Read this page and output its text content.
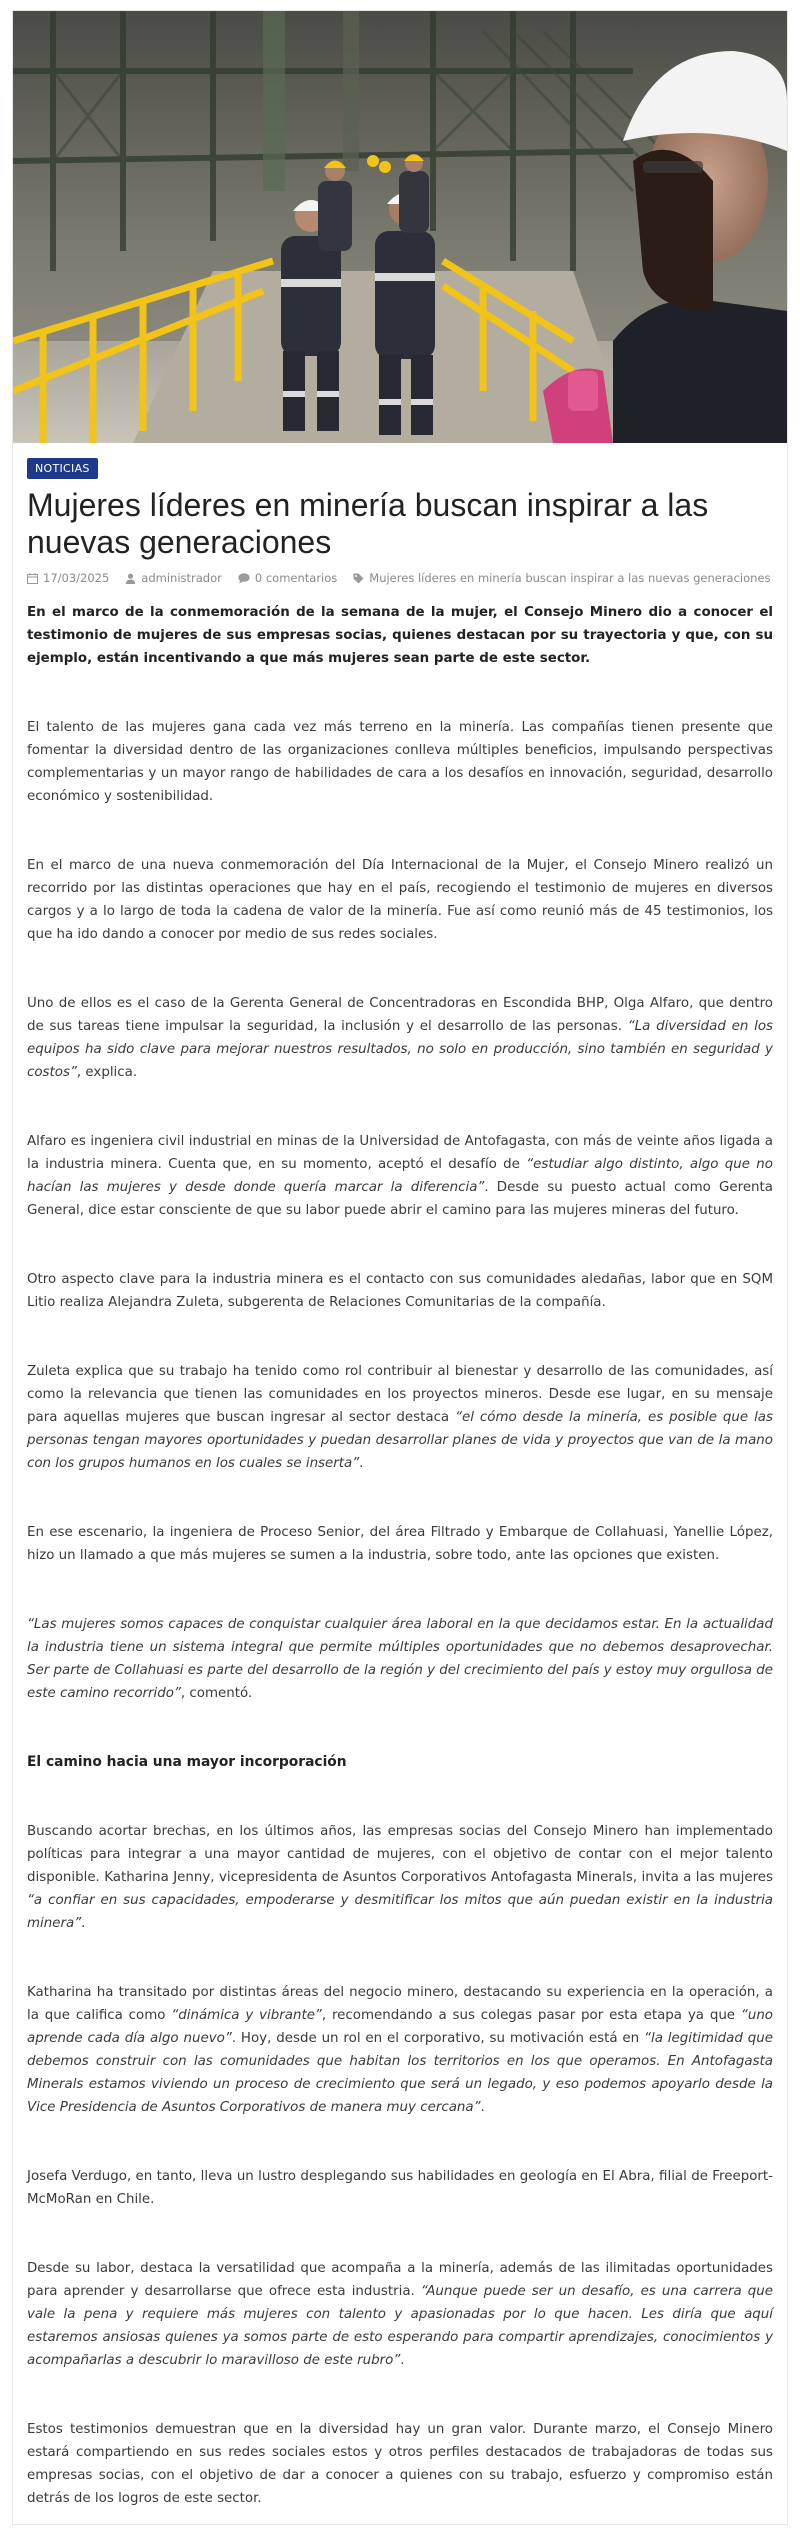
NOTICIAS
Mujeres líderes en minería buscan inspirar a las nuevas generaciones
17/03/2025	administrador	0 comentarios	Mujeres líderes en minería buscan inspirar a las nuevas generaciones

En el marco de la conmemoración de la semana de la mujer, el Consejo Minero dio a conocer el testimonio de mujeres de sus empresas socias, quienes destacan por su trayectoria y que, con su ejemplo, están incentivando a que más mujeres sean parte de este sector.

El talento de las mujeres gana cada vez más terreno en la minería. Las compañías tienen presente que fomentar la diversidad dentro de las organizaciones conlleva múltiples beneficios, impulsando perspectivas complementarias y un mayor rango de habilidades de cara a los desafíos en innovación, seguridad, desarrollo económico y sostenibilidad.

En el marco de una nueva conmemoración del Día Internacional de la Mujer, el Consejo Minero realizó un recorrido por las distintas operaciones que hay en el país, recogiendo el testimonio de mujeres en diversos cargos y a lo largo de toda la cadena de valor de la minería. Fue así como reunió más de 45 testimonios, los que ha ido dando a conocer por medio de sus redes sociales.

Uno de ellos es el caso de la Gerenta General de Concentradoras en Escondida BHP, Olga Alfaro, que dentro de sus tareas tiene impulsar la seguridad, la inclusión y el desarrollo de las personas. “La diversidad en los equipos ha sido clave para mejorar nuestros resultados, no solo en producción, sino también en seguridad y costos”, explica.

Alfaro es ingeniera civil industrial en minas de la Universidad de Antofagasta, con más de veinte años ligada a la industria minera. Cuenta que, en su momento, aceptó el desafío de “estudiar algo distinto, algo que no hacían las mujeres y desde donde quería marcar la diferencia”. Desde su puesto actual como Gerenta General, dice estar consciente de que su labor puede abrir el camino para las mujeres mineras del futuro.

Otro aspecto clave para la industria minera es el contacto con sus comunidades aledañas, labor que en SQM Litio realiza Alejandra Zuleta, subgerenta de Relaciones Comunitarias de la compañía.

Zuleta explica que su trabajo ha tenido como rol contribuir al bienestar y desarrollo de las comunidades, así como la relevancia que tienen las comunidades en los proyectos mineros. Desde ese lugar, en su mensaje para aquellas mujeres que buscan ingresar al sector destaca “el cómo desde la minería, es posible que las personas tengan mayores oportunidades y puedan desarrollar planes de vida y proyectos que van de la mano con los grupos humanos en los cuales se inserta”.

En ese escenario, la ingeniera de Proceso Senior, del área Filtrado y Embarque de Collahuasi, Yanellie López, hizo un llamado a que más mujeres se sumen a la industria, sobre todo, ante las opciones que existen.

“Las mujeres somos capaces de conquistar cualquier área laboral en la que decidamos estar. En la actualidad la industria tiene un sistema integral que permite múltiples oportunidades que no debemos desaprovechar. Ser parte de Collahuasi es parte del desarrollo de la región y del crecimiento del país y estoy muy orgullosa de este camino recorrido”, comentó.

El camino hacia una mayor incorporación

Buscando acortar brechas, en los últimos años, las empresas socias del Consejo Minero han implementado políticas para integrar a una mayor cantidad de mujeres, con el objetivo de contar con el mejor talento disponible. Katharina Jenny, vicepresidenta de Asuntos Corporativos Antofagasta Minerals, invita a las mujeres “a confiar en sus capacidades, empoderarse y desmitificar los mitos que aún puedan existir en la industria minera”.

Katharina ha transitado por distintas áreas del negocio minero, destacando su experiencia en la operación, a la que califica como “dinámica y vibrante”, recomendando a sus colegas pasar por esta etapa ya que “uno aprende cada día algo nuevo”. Hoy, desde un rol en el corporativo, su motivación está en “la legitimidad que debemos construir con las comunidades que habitan los territorios en los que operamos. En Antofagasta Minerals estamos viviendo un proceso de crecimiento que será un legado, y eso podemos apoyarlo desde la Vice Presidencia de Asuntos Corporativos de manera muy cercana”.

Josefa Verdugo, en tanto, lleva un lustro desplegando sus habilidades en geología en El Abra, filial de Freeport-McMoRan en Chile.

Desde su labor, destaca la versatilidad que acompaña a la minería, además de las ilimitadas oportunidades para aprender y desarrollarse que ofrece esta industria. “Aunque puede ser un desafío, es una carrera que vale la pena y requiere más mujeres con talento y apasionadas por lo que hacen. Les diría que aquí estaremos ansiosas quienes ya somos parte de esto esperando para compartir aprendizajes, conocimientos y acompañarlas a descubrir lo maravilloso de este rubro”.

Estos testimonios demuestran que en la diversidad hay un gran valor. Durante marzo, el Consejo Minero estará compartiendo en sus redes sociales estos y otros perfiles destacados de trabajadoras de todas sus empresas socias, con el objetivo de dar a conocer a quienes con su trabajo, esfuerzo y compromiso están detrás de los logros de este sector.
